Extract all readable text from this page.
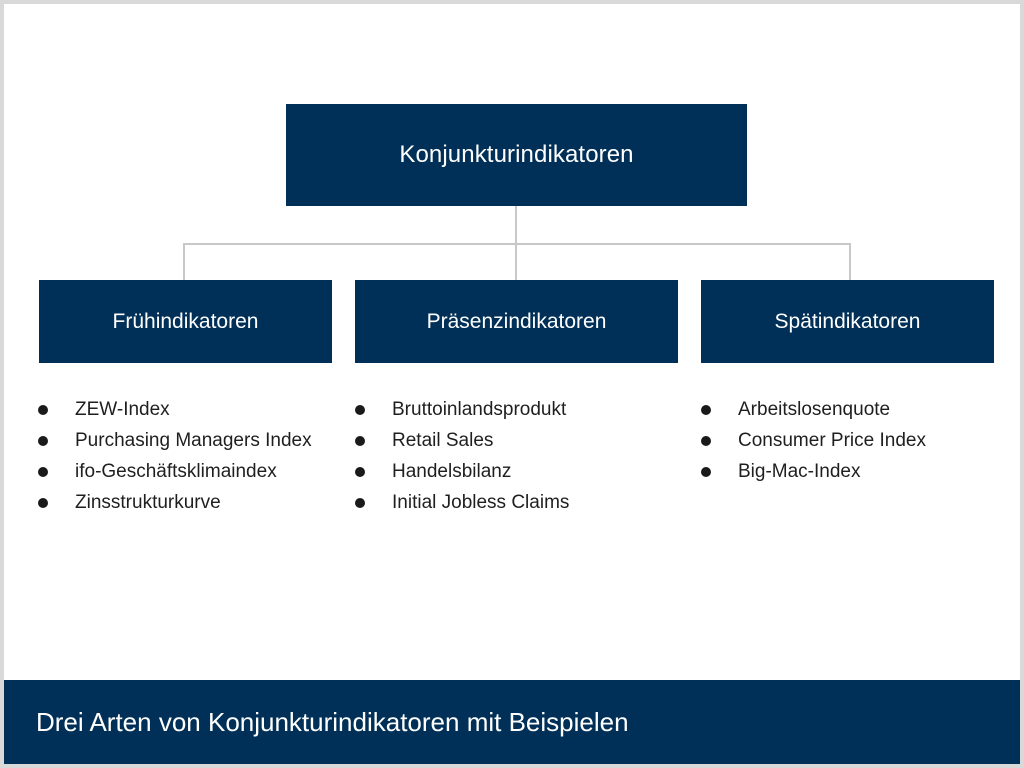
Konjunkturindikatoren
Frühindikatoren	Präsenzindikatoren	Spätindikatoren
ZEW-Index
Purchasing Managers Index
ifo-Geschäftsklimaindex
Zinsstrukturkurve
Bruttoinlandsprodukt
Retail Sales
Handelsbilanz
Initial Jobless Claims
Arbeitslosenquote
Consumer Price Index
Big-Mac-Index
Drei Arten von Konjunkturindikatoren mit Beispielen
